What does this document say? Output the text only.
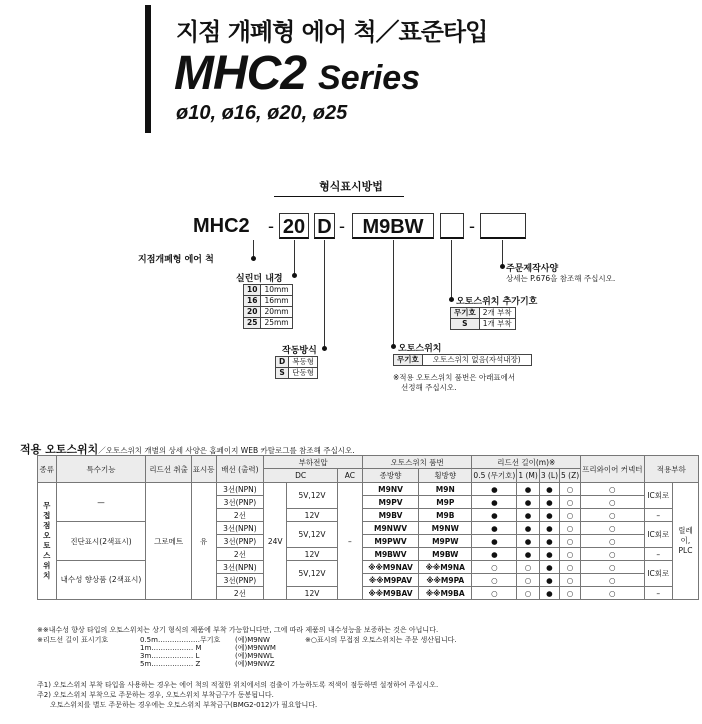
지점 개폐형 에어 척／표준타입
MHC2 Series
ø10, ø16, ø20, ø25
형식표시방법
MHC2 - 20 D - M9BW	-
지점개폐형 에어 척
실린더 내경
10	10mm
16	16mm
20	20mm
25	25mm
작동방식
D	복동형
S	단동형
오토스위치
무기호	오토스위치 없음(자석내장)
※적용 오토스위치 품번은 아래표에서
선정해 주십시오.
오토스위치 추가기호
무기호	2개 부착
S	1개 부착
주문제작사양
상세는 P.676을 참조해 주십시오.
적용 오토스위치／오토스위치 개별의 상세 사양은 홈페이지 WEB 카탈로그를 참조해 주십시오.
종류	특수기능	리드선 취출	표시등	배선 (출력)	부하전압			오토스위치 품번		리드선 길이(m)※				프리와이어 커넥터	적용부하	
					DC		AC	종방향	횡방향	0.5 (무기호)	1 (M)	3 (L)	5 (Z)			

무접점 오토스위치	—	그로메트	유	3선(NPN)	24V	5V,12V	–	M9NV	M9N	●	●	●	○	○	IC회로	릴레이, PLC
				3선(PNP)				M9PV	M9P	●	●	●	○	○		
				2선		12V		M9BV	M9B	●	●	●	○	○	–	
	진단표시(2색표시)			3선(NPN)		5V,12V		M9NWV	M9NW	●	●	●	○	○	IC회로	
				3선(PNP)				M9PWV	M9PW	●	●	●	○	○		
				2선		12V		M9BWV	M9BW	●	●	●	○	○	–	
	내수성 향상품 (2색표시)			3선(NPN)		5V,12V		※※M9NAV	※※M9NA	○	○	●	○	○	IC회로	
				3선(PNP)				※※M9PAV	※※M9PA	○	○	●	○	○		
				2선		12V		※※M9BAV	※※M9BA	○	○	●	○	○	–	
※※내수성 향상 타입의 오토스위치는 상기 형식의 제품에 부착 가능합니다만, 그에 따라 제품의 내수성능을 보증하는 것은 아닙니다.
※리드선 길이 표시기호	※○표시의 무접점 오토스위치는 주문 생산됩니다.
0.5m………………무기호 (예)M9NW
1m……………… M	(예)M9NWM
3m……………… L	(예)M9NWL
5m……………… Z	(예)M9NWZ
주1) 오토스위치 부착 타입을 사용하는 경우는 에어 척의 적절한 위치에서의 검출이 가능하도록 적색이 점등하면 설정하여 주십시오.
주2) 오토스위치 부착으로 주문하는 경우, 오토스위치 부착금구가 동봉됩니다.
오토스위치를 별도 주문하는 경우에는 오토스위치 부착금구(BMG2-012)가 필요합니다.
